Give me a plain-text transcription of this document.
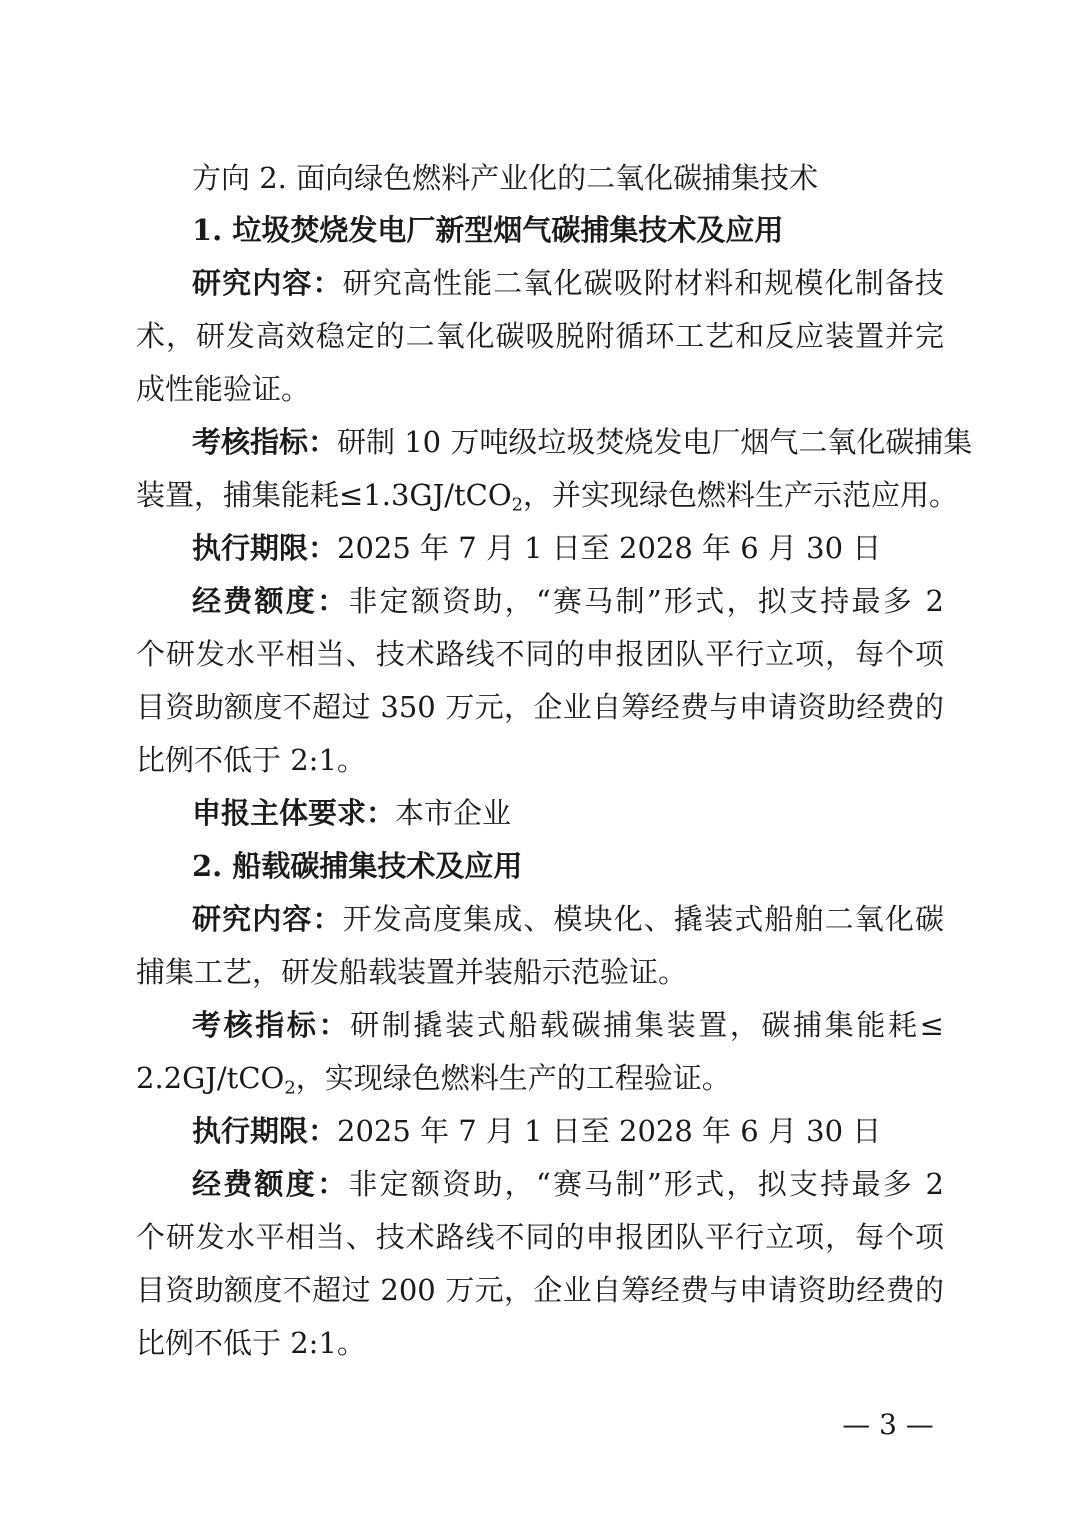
方向 2. 面向绿色燃料产业化的二氧化碳捕集技术
1. 垃圾焚烧发电厂新型烟气碳捕集技术及应用
研究内容：研究高性能二氧化碳吸附材料和规模化制备技
术，研发高效稳定的二氧化碳吸脱附循环工艺和反应装置并完
成性能验证。
考核指标：研制 10 万吨级垃圾焚烧发电厂烟气二氧化碳捕集
装置，捕集能耗≤1.3GJ/tCO$_2$，并实现绿色燃料生产示范应用。
执行期限：2025 年 7 月 1 日至 2028 年 6 月 30 日
经费额度：非定额资助，“赛马制”形式，拟支持最多 2
个研发水平相当、技术路线不同的申报团队平行立项，每个项
目资助额度不超过 350 万元，企业自筹经费与申请资助经费的
比例不低于 2:1。
申报主体要求：本市企业
2. 船载碳捕集技术及应用
研究内容：开发高度集成、模块化、撬装式船舶二氧化碳
捕集工艺，研发船载装置并装船示范验证。
考核指标：研制撬装式船载碳捕集装置，碳捕集能耗≤
2.2GJ/tCO$_2$，实现绿色燃料生产的工程验证。
执行期限：2025 年 7 月 1 日至 2028 年 6 月 30 日
经费额度：非定额资助，“赛马制”形式，拟支持最多 2
个研发水平相当、技术路线不同的申报团队平行立项，每个项
目资助额度不超过 200 万元，企业自筹经费与申请资助经费的
比例不低于 2:1。
— 3 —
